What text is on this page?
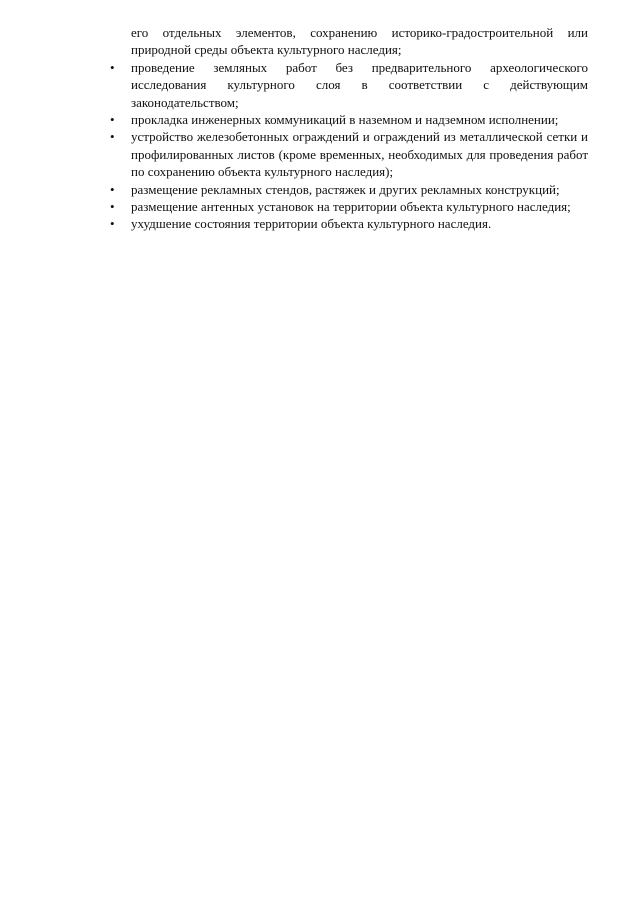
его отдельных элементов, сохранению историко-градостроительной или природной среды объекта культурного наследия;

•	проведение земляных работ без предварительного археологического исследования культурного слоя в соответствии с действующим законодательством;
•	прокладка инженерных коммуникаций в наземном и надземном исполнении;
•	устройство железобетонных ограждений и ограждений из металлической сетки и профилированных листов (кроме временных, необходимых для проведения работ по сохранению объекта культурного наследия);
•	размещение рекламных стендов, растяжек и других рекламных конструкций;
•	размещение антенных установок на территории объекта культурного наследия;
•	ухудшение состояния территории объекта культурного наследия.
